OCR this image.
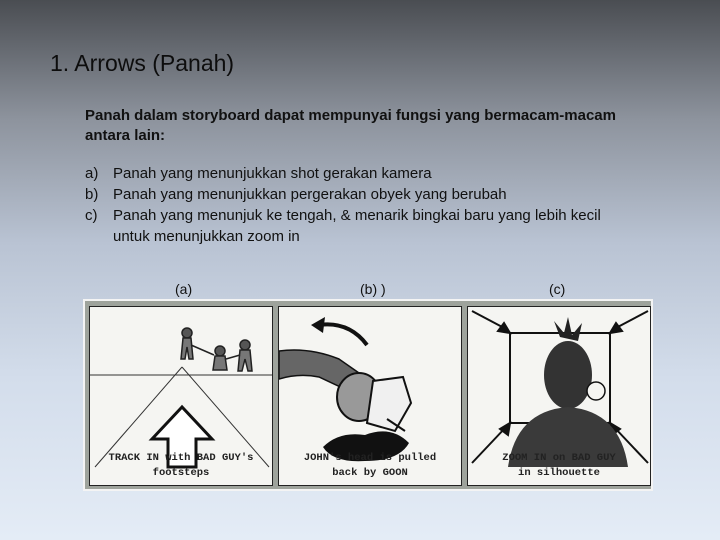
1. Arrows (Panah)
Panah dalam storyboard dapat mempunyai fungsi yang bermacam-macam
antara lain:
a) Panah yang menunjukkan shot gerakan kamera
b) Panah yang menunjukkan pergerakan obyek yang berubah
c)	Panah yang menunjuk ke tengah, & menarik bingkai baru yang lebih kecil
untuk menunjukkan zoom in
(a)	(b) )	(c)
TRACK IN with BAD GUY's
footsteps
JOHN's head is pulled
back by GOON
ZOOM IN on BAD GUY
in silhouette
